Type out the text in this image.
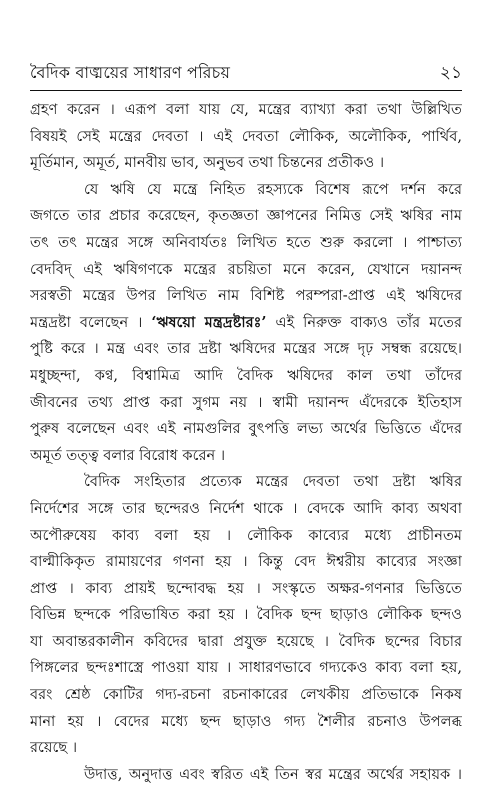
বৈদিক বাঙ্ময়ের সাধারণ পরিচয়	২১
গ্রহণ করেন । এরূপ বলা যায় যে, মন্ত্রের ব্যাখ্যা করা তথা উল্লিখিত
বিষয়ই সেই মন্ত্রের দেবতা । এই দেবতা লৌকিক, অলৌকিক, পার্থিব,
মূর্তিমান, অমূর্ত, মানবীয় ভাব, অনুভব তথা চিন্তনের প্রতীকও ।
যে ঋষি যে মন্ত্রে নিহিত রহস্যকে বিশেষ রূপে দর্শন করে
জগতে তার প্রচার করেছেন, কৃতজ্ঞতা জ্ঞাপনের নিমিত্ত সেই ঋষির নাম
তৎ তৎ মন্ত্রের সঙ্গে অনিবার্যতঃ লিখিত হতে শুরু করলো । পাশ্চাত্য
বেদবিদ্ এই ঋষিগণকে মন্ত্রের রচয়িতা মনে করেন, যেখানে দয়ানন্দ
সরস্বতী মন্ত্রের উপর লিখিত নাম বিশিষ্ট পরম্পরা-প্রাপ্ত এই ঋষিদের
মন্ত্রদ্রষ্টা বলেছেন । ‘ঋষয়ো মন্ত্রদ্রষ্টারঃ’ এই নিরুক্ত বাক্যও তাঁর মতের
পুষ্টি করে । মন্ত্র এবং তার দ্রষ্টা ঋষিদের মন্ত্রের সঙ্গে দৃঢ় সম্বন্ধ রয়েছে।
মধুচ্ছন্দা, কণ্ব, বিশ্বামিত্র আদি বৈদিক ঋষিদের কাল তথা তাঁদের
জীবনের তথ্য প্রাপ্ত করা সুগম নয় । স্বামী দয়ানন্দ এঁদেরকে ইতিহাস
পুরুষ বলেছেন এবং এই নামগুলির বুৎপত্তি লভ্য অর্থের ভিত্তিতে এঁদের
অমূর্ত তত্ত্ব বলার বিরোধ করেন ।
বৈদিক সংহিতার প্রত্যেক মন্ত্রের দেবতা তথা দ্রষ্টা ঋষির
নির্দেশের সঙ্গে তার ছন্দেরও নির্দেশ থাকে । বেদকে আদি কাব্য অথবা
অপৌরুষেয় কাব্য বলা হয় । লৌকিক কাব্যের মধ্যে প্রাচীনতম
বাল্মীকিকৃত রামায়ণের গণনা হয় । কিন্তু বেদ ঈশ্বরীয় কাব্যের সংজ্ঞা
প্রাপ্ত । কাব্য প্রায়ই ছন্দোবদ্ধ হয় । সংস্কৃতে অক্ষর-গণনার ভিত্তিতে
বিভিন্ন ছন্দকে পরিভাষিত করা হয় । বৈদিক ছন্দ ছাড়াও লৌকিক ছন্দও
যা অবান্তরকালীন কবিদের দ্বারা প্রযুক্ত হয়েছে । বৈদিক ছন্দের বিচার
পিঙ্গলের ছন্দঃশাস্ত্রে পাওয়া যায় । সাধারণভাবে গদ্যকেও কাব্য বলা হয়,
বরং শ্রেষ্ঠ কোটির গদ্য-রচনা রচনাকারের লেখকীয় প্রতিভাকে নিকষ
মানা হয় । বেদের মধ্যে ছন্দ ছাড়াও গদ্য শৈলীর রচনাও উপলব্ধ
রয়েছে ।
উদাত্ত, অনুদাত্ত এবং স্বরিত এই তিন স্বর মন্ত্রের অর্থের সহায়ক ।
